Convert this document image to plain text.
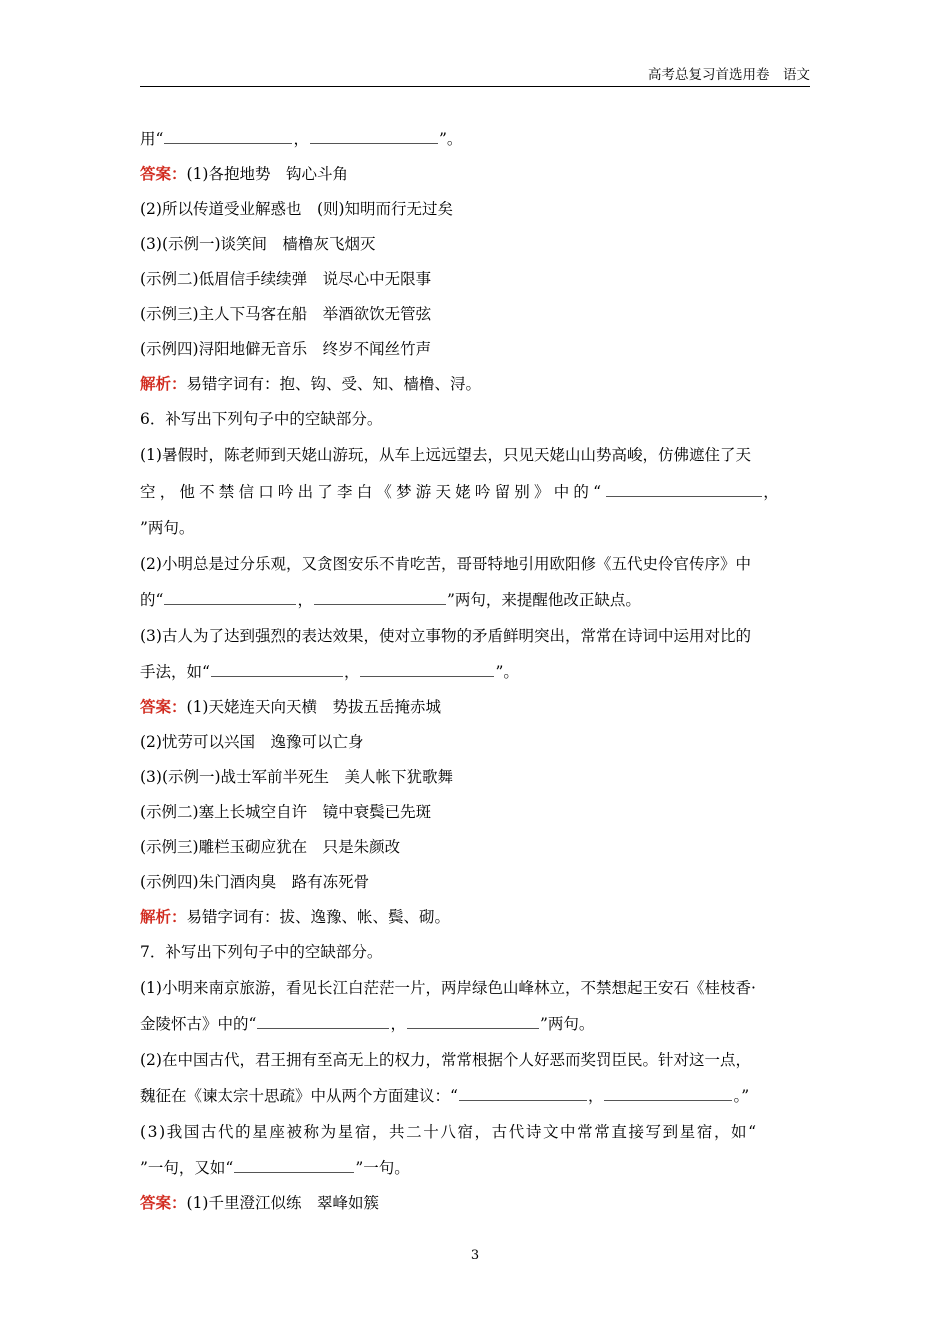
高考总复习首选用卷　语文
用“	，	”。
答案：(1)各抱地势　钩心斗角
(2)所以传道受业解惑也　(则)知明而行无过矣
(3)(示例一)谈笑间　樯橹灰飞烟灭
(示例二)低眉信手续续弹　说尽心中无限事
(示例三)主人下马客在船　举酒欲饮无管弦
(示例四)浔阳地僻无音乐　终岁不闻丝竹声
解析：易错字词有：抱、钩、受、知、樯橹、浔。
6．补写出下列句子中的空缺部分。
(1)暑假时，陈老师到天姥山游玩，从车上远远望去，只见天姥山山势高峻，仿佛遮住了天
空，他不禁信口吟出了李白《梦游天姥吟留别》中的“	，
”两句。
(2)小明总是过分乐观，又贪图安乐不肯吃苦，哥哥特地引用欧阳修《五代史伶官传序》中
的“	，	”两句，来提醒他改正缺点。
(3)古人为了达到强烈的表达效果，使对立事物的矛盾鲜明突出，常常在诗词中运用对比的
手法，如“	，	”。
答案：(1)天姥连天向天横　势拔五岳掩赤城
(2)忧劳可以兴国　逸豫可以亡身
(3)(示例一)战士军前半死生　美人帐下犹歌舞
(示例二)塞上长城空自许　镜中衰鬓已先斑
(示例三)雕栏玉砌应犹在　只是朱颜改
(示例四)朱门酒肉臭　路有冻死骨
解析：易错字词有：拔、逸豫、帐、鬓、砌。
7．补写出下列句子中的空缺部分。
(1)小明来南京旅游，看见长江白茫茫一片，两岸绿色山峰林立，不禁想起王安石《桂枝香·
金陵怀古》中的“	，	”两句。
(2)在中国古代，君王拥有至高无上的权力，常常根据个人好恶而奖罚臣民。针对这一点，
魏征在《谏太宗十思疏》中从两个方面建议：“	，	。”
(3)我国古代的星座被称为星宿，共二十八宿，古代诗文中常常直接写到星宿，如“
”一句，又如“	”一句。
答案：(1)千里澄江似练　翠峰如簇
3
